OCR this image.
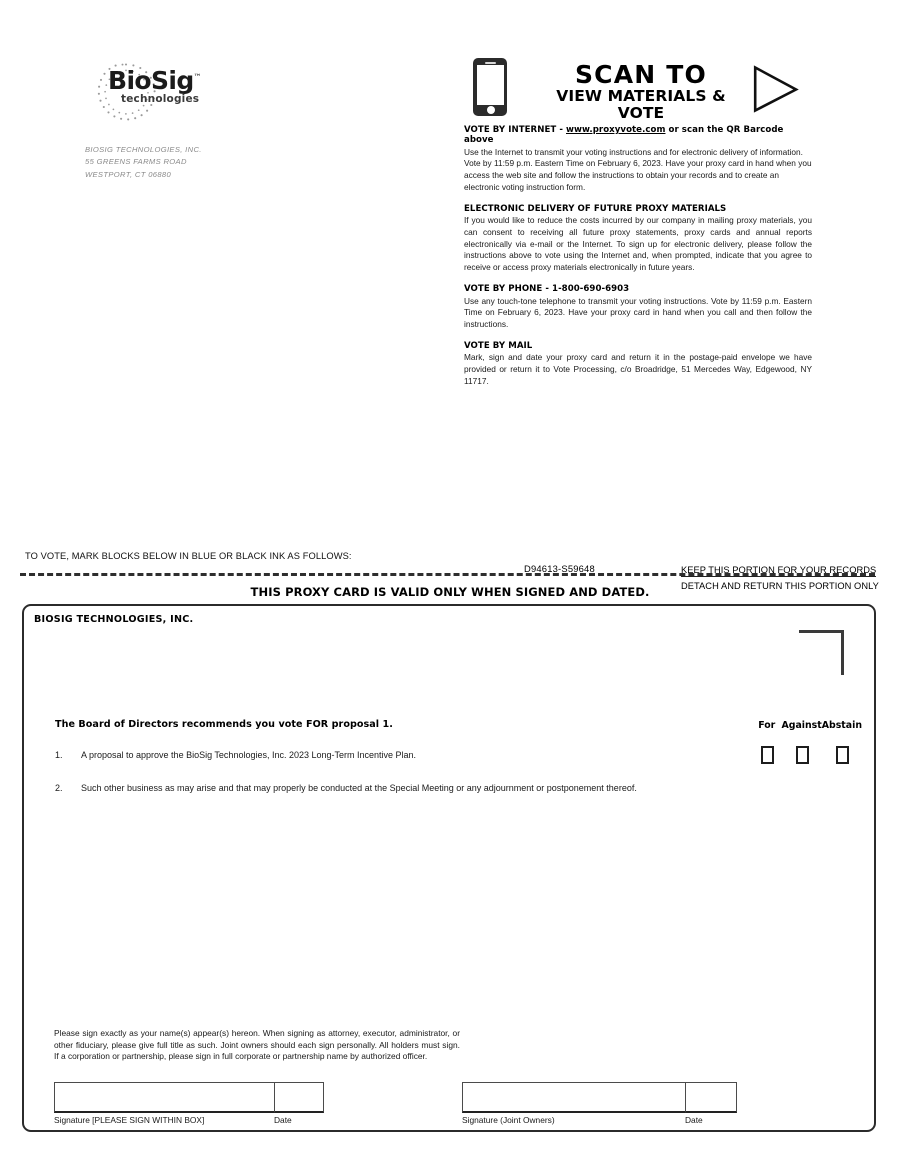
BioSig™
technologies
BIOSIG TECHNOLOGIES, INC.
55 GREENS FARMS ROAD
WESTPORT, CT 06880
SCAN TO
VIEW MATERIALS & VOTE
VOTE BY INTERNET - www.proxyvote.com or scan the QR Barcode above
Use the Internet to transmit your voting instructions and for electronic delivery of information. Vote by 11:59 p.m. Eastern Time on February 6, 2023. Have your proxy card in hand when you access the web site and follow the instructions to obtain your records and to create an electronic voting instruction form.
ELECTRONIC DELIVERY OF FUTURE PROXY MATERIALS
If you would like to reduce the costs incurred by our company in mailing proxy materials, you can consent to receiving all future proxy statements, proxy cards and annual reports electronically via e-mail or the Internet. To sign up for electronic delivery, please follow the instructions above to vote using the Internet and, when prompted, indicate that you agree to receive or access proxy materials electronically in future years.
VOTE BY PHONE - 1-800-690-6903
Use any touch-tone telephone to transmit your voting instructions. Vote by 11:59 p.m. Eastern Time on February 6, 2023. Have your proxy card in hand when you call and then follow the instructions.
VOTE BY MAIL
Mark, sign and date your proxy card and return it in the postage-paid envelope we have provided or return it to Vote Processing, c/o Broadridge, 51 Mercedes Way, Edgewood, NY 11717.
TO VOTE, MARK BLOCKS BELOW IN BLUE OR BLACK INK AS FOLLOWS:
D94613-S59648
THIS PROXY CARD IS VALID ONLY WHEN SIGNED AND DATED.
KEEP THIS PORTION FOR YOUR RECORDS
DETACH AND RETURN THIS PORTION ONLY
BIOSIG TECHNOLOGIES, INC.
The Board of Directors recommends you vote FOR proposal 1.	For Against Abstain
1.	A proposal to approve the BioSig Technologies, Inc. 2023 Long-Term Incentive Plan.
2.	Such other business as may arise and that may properly be conducted at the Special Meeting or any adjournment or postponement thereof.
Please sign exactly as your name(s) appear(s) hereon. When signing as attorney, executor, administrator, or other fiduciary, please give full title as such. Joint owners should each sign personally. All holders must sign. If a corporation or partnership, please sign in full corporate or partnership name by authorized officer.
Signature [PLEASE SIGN WITHIN BOX]	Date	Signature (Joint Owners)	Date
